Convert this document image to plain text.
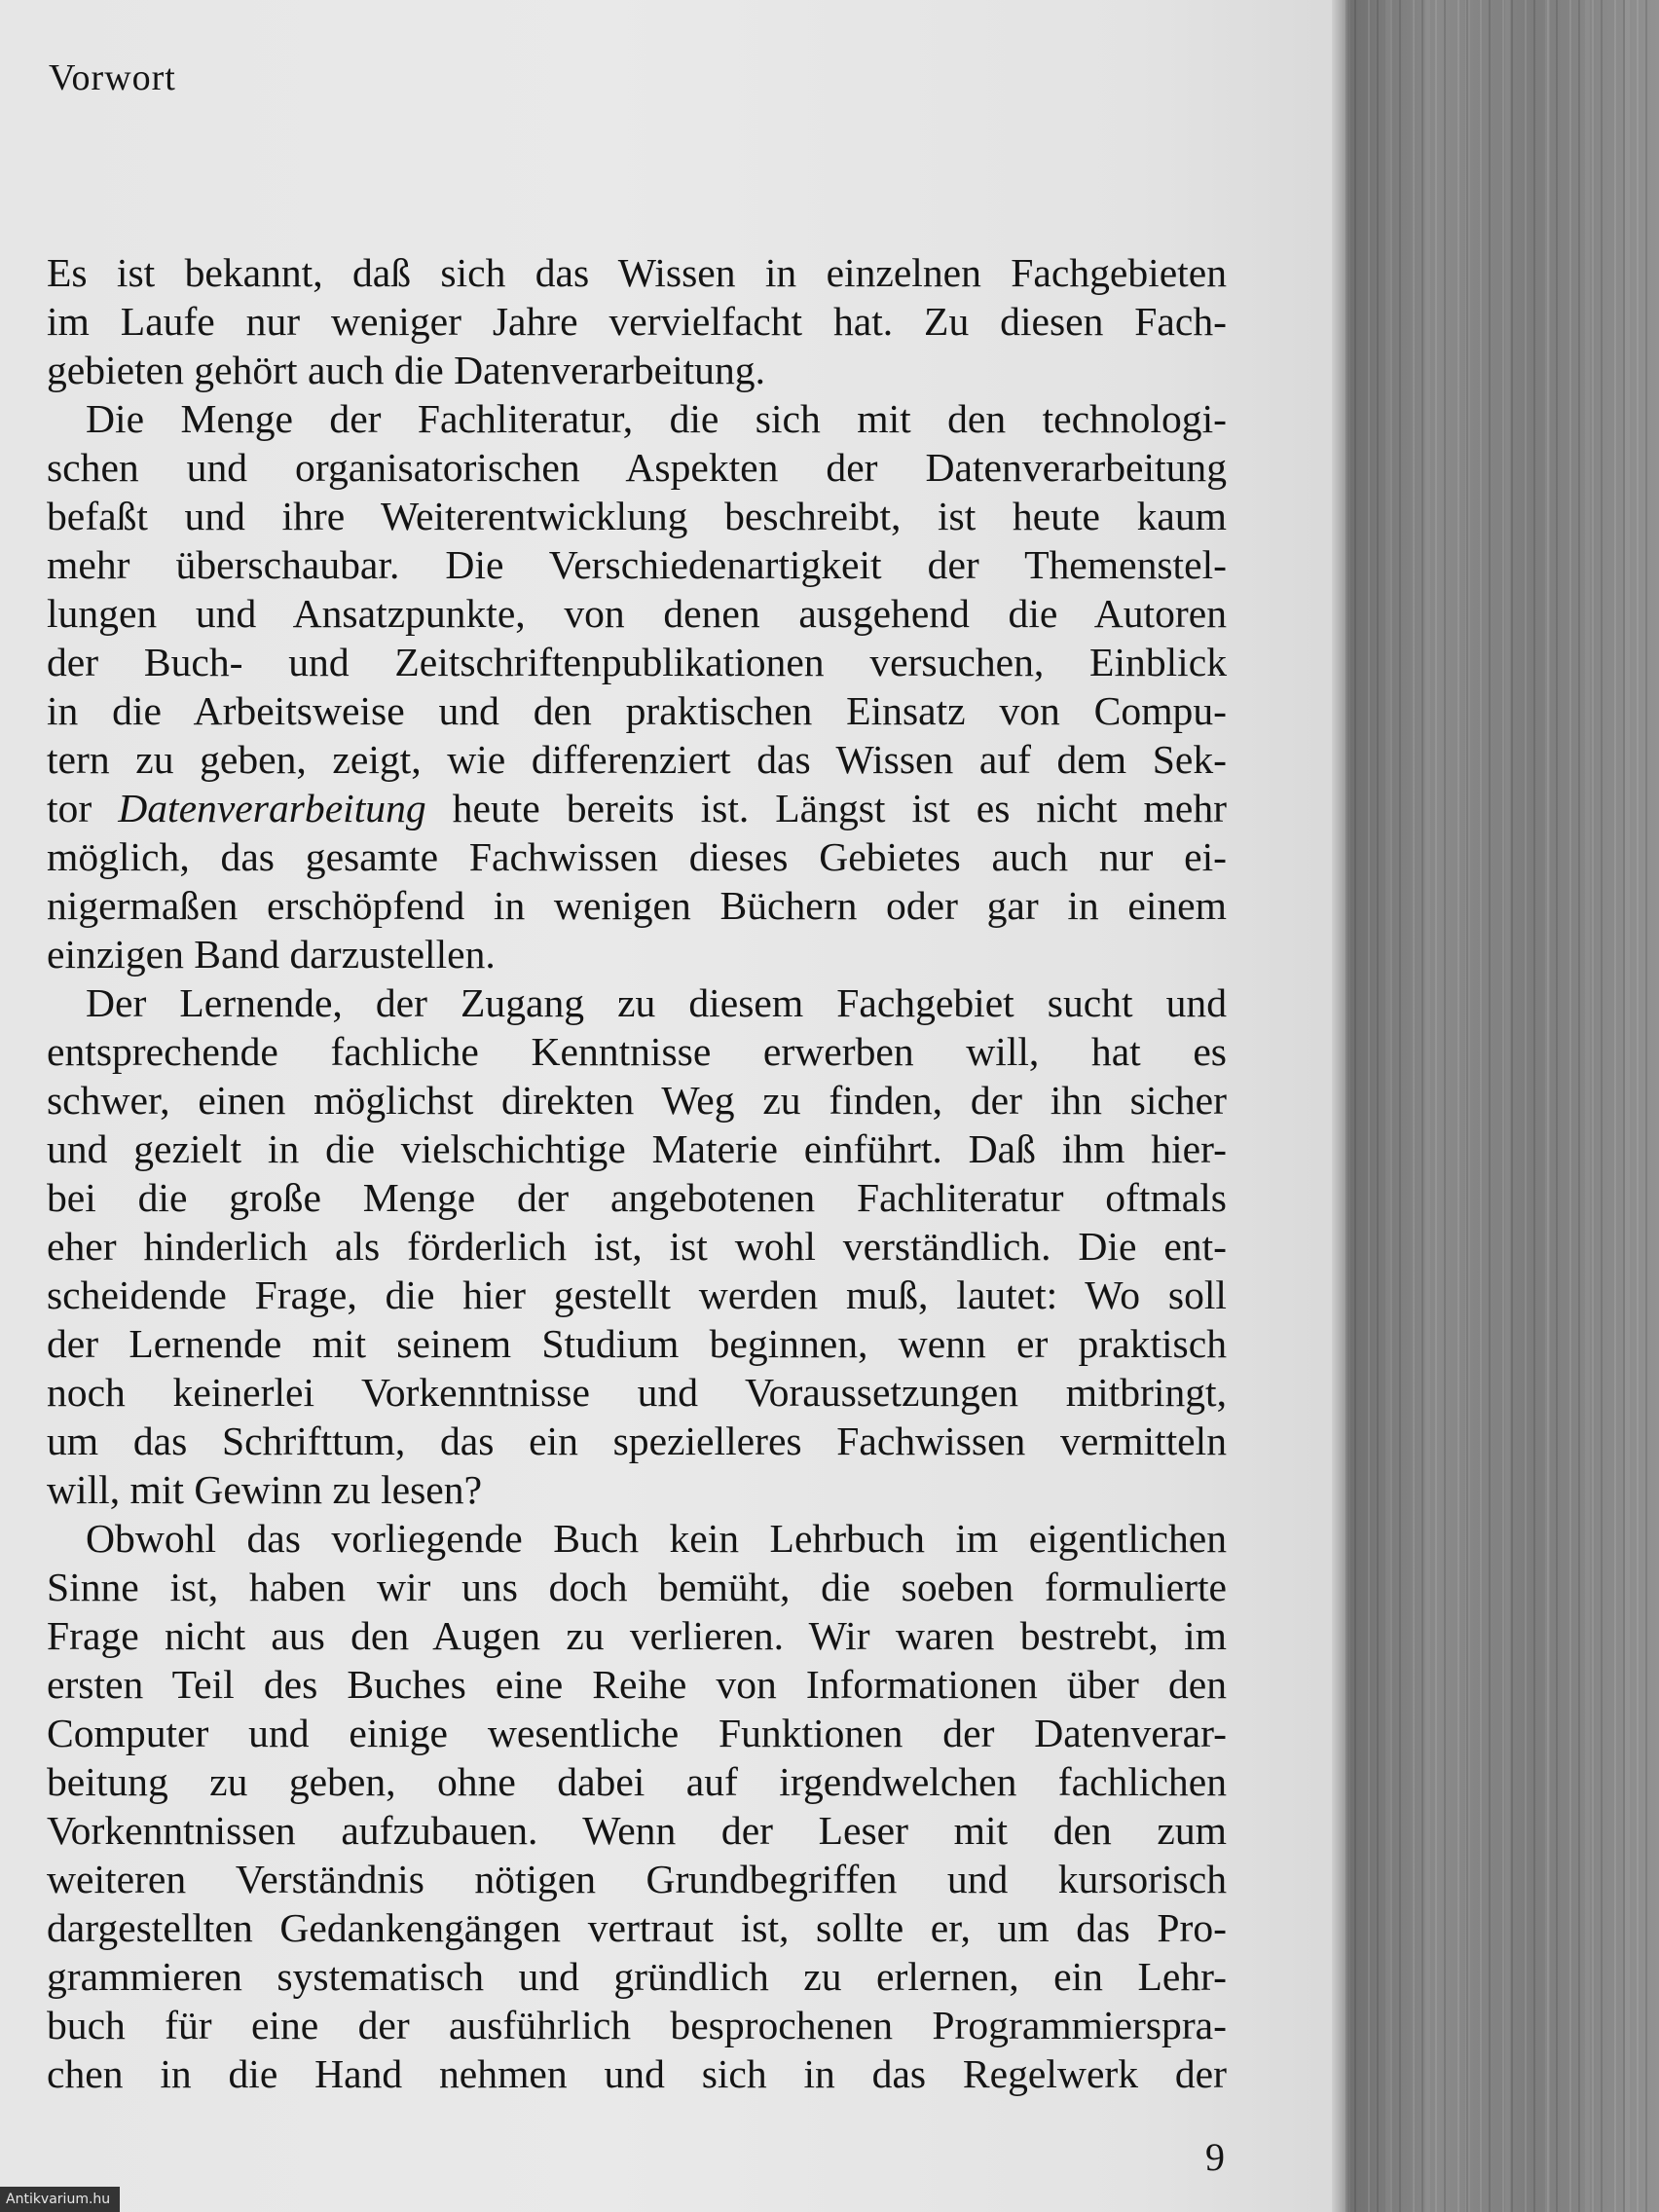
Vorwort
Es ist bekannt, daß sich das Wissen in einzelnen Fachgebieten
im Laufe nur weniger Jahre vervielfacht hat. Zu diesen Fach-
gebieten gehört auch die Datenverarbeitung.
Die Menge der Fachliteratur, die sich mit den technologi-
schen und organisatorischen Aspekten der Datenverarbeitung
befaßt und ihre Weiterentwicklung beschreibt, ist heute kaum
mehr überschaubar. Die Verschiedenartigkeit der Themenstel-
lungen und Ansatzpunkte, von denen ausgehend die Autoren
der Buch- und Zeitschriftenpublikationen versuchen, Einblick
in die Arbeitsweise und den praktischen Einsatz von Compu-
tern zu geben, zeigt, wie differenziert das Wissen auf dem Sek-
tor Datenverarbeitung heute bereits ist. Längst ist es nicht mehr
möglich, das gesamte Fachwissen dieses Gebietes auch nur ei-
nigermaßen erschöpfend in wenigen Büchern oder gar in einem
einzigen Band darzustellen.
Der Lernende, der Zugang zu diesem Fachgebiet sucht und
entsprechende fachliche Kenntnisse erwerben will, hat es
schwer, einen möglichst direkten Weg zu finden, der ihn sicher
und gezielt in die vielschichtige Materie einführt. Daß ihm hier-
bei die große Menge der angebotenen Fachliteratur oftmals
eher hinderlich als förderlich ist, ist wohl verständlich. Die ent-
scheidende Frage, die hier gestellt werden muß, lautet: Wo soll
der Lernende mit seinem Studium beginnen, wenn er praktisch
noch keinerlei Vorkenntnisse und Voraussetzungen mitbringt,
um das Schrifttum, das ein spezielleres Fachwissen vermitteln
will, mit Gewinn zu lesen?
Obwohl das vorliegende Buch kein Lehrbuch im eigentlichen
Sinne ist, haben wir uns doch bemüht, die soeben formulierte
Frage nicht aus den Augen zu verlieren. Wir waren bestrebt, im
ersten Teil des Buches eine Reihe von Informationen über den
Computer und einige wesentliche Funktionen der Datenverar-
beitung zu geben, ohne dabei auf irgendwelchen fachlichen
Vorkenntnissen aufzubauen. Wenn der Leser mit den zum
weiteren Verständnis nötigen Grundbegriffen und kursorisch
dargestellten Gedankengängen vertraut ist, sollte er, um das Pro-
grammieren systematisch und gründlich zu erlernen, ein Lehr-
buch für eine der ausführlich besprochenen Programmierspra-
chen in die Hand nehmen und sich in das Regelwerk der
9
Antikvarium.hu
